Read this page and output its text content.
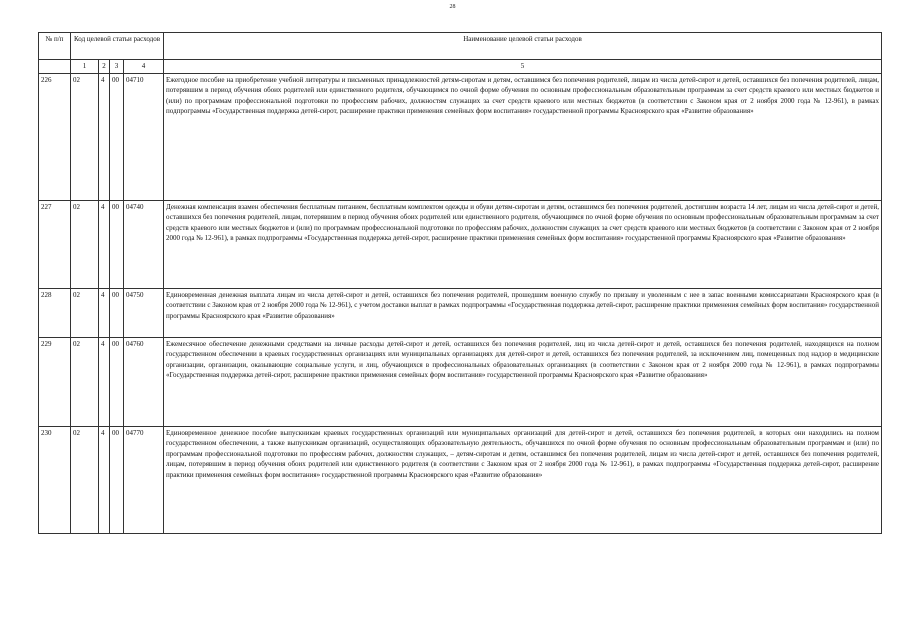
28
№ п/п	Код целевой статьи расходов				Наименование целевой статьи расходов
	1	2	3	4	5
226	02	4	00	04710	Ежегодное пособие на приобретение учебной литературы и письменных принадлежностей детям-сиротам и детям, оставшимся без попечения родителей, лицам из числа детей-сирот и детей, оставшихся без попечения родителей, лицам, потерявшим в период обучения обоих родителей или единственного родителя, обучающимся по очной форме обучения по основным профессиональным образовательным программам за счет средств краевого или местных бюджетов и (или) по программам профессиональной подготовки по профессиям рабочих, должностям служащих за счет средств краевого или местных бюджетов (в соответствии с Законом края от 2 ноября 2000 года № 12-961), в рамках подпрограммы «Государственная поддержка детей-сирот, расширение практики применения семейных форм воспитания» государственной программы Красноярского края «Развитие образования»
227	02	4	00	04740	Денежная компенсация взамен обеспечения бесплатным питанием, бесплатным комплектом одежды и обуви детям-сиротам и детям, оставшимся без попечения родителей, достигшим возраста 14 лет, лицам из числа детей-сирот и детей, оставшихся без попечения родителей, лицам, потерявшим в период обучения обоих родителей или единственного родителя, обучающимся по очной форме обучения по основным профессиональным образовательным программам за счет средств краевого или местных бюджетов и (или) по программам профессиональной подготовки по профессиям рабочих, должностям служащих за счет средств краевого или местных бюджетов (в соответствии с Законом края от 2 ноября 2000 года № 12-961), в рамках подпрограммы «Государственная поддержка детей-сирот, расширение практики применения семейных форм воспитания» государственной программы Красноярского края «Развитие образования»
228	02	4	00	04750	Единовременная денежная выплата лицам из числа детей-сирот и детей, оставшихся без попечения родителей, прошедшим военную службу по призыву и уволенным с нее в запас военными комиссариатами Красноярского края (в соответствии с Законом края от 2 ноября 2000 года № 12-961), с учетом доставки выплат в рамках подпрограммы «Государственная поддержка детей-сирот, расширение практики применения семейных форм воспитания» государственной программы Красноярского края «Развитие образования»
229	02	4	00	04760	Ежемесячное обеспечение денежными средствами на личные расходы детей-сирот и детей, оставшихся без попечения родителей, лиц из числа детей-сирот и детей, оставшихся без попечения родителей, находящихся на полном государственном обеспечении в краевых государственных организациях или муниципальных организациях для детей-сирот и детей, оставшихся без попечения родителей, за исключением лиц, помещенных под надзор в медицинские организации, организации, оказывающие социальные услуги, и лиц, обучающихся в профессиональных образовательных организациях (в соответствии с Законом края от 2 ноября 2000 года № 12-961), в рамках подпрограммы «Государственная поддержка детей-сирот, расширение практики применения семейных форм воспитания» государственной программы Красноярского края «Развитие образования»
230	02	4	00	04770	Единовременное денежное пособие выпускникам краевых государственных организаций или муниципальных организаций для детей-сирот и детей, оставшихся без попечения родителей, в которых они находились на полном государственном обеспечении, а также выпускникам организаций, осуществляющих образовательную деятельность, обучавшихся по очной форме обучения по основным профессиональным образовательным программам и (или) по программам профессиональной подготовки по профессиям рабочих, должностям служащих, – детям-сиротам и детям, оставшимся без попечения родителей, лицам из числа детей-сирот и детей, оставшихся без попечения родителей, лицам, потерявшим в период обучения обоих родителей или единственного родителя (в соответствии с Законом края от 2 ноября 2000 года № 12-961), в рамках подпрограммы «Государственная поддержка детей-сирот, расширение практики применения семейных форм воспитания» государственной программы Красноярского края «Развитие образования»
